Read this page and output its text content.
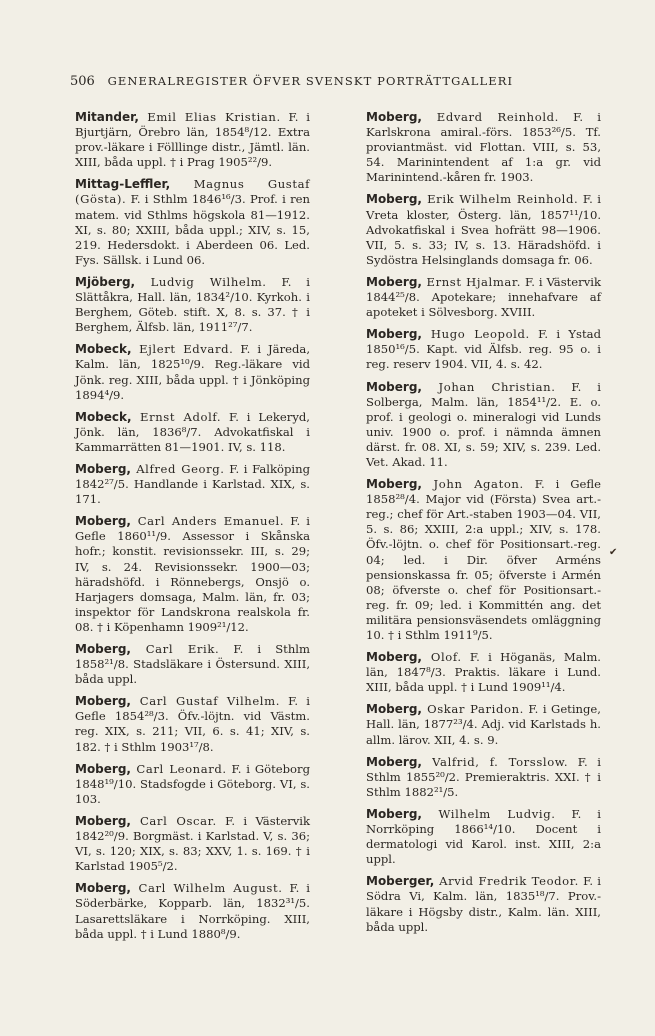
506 GENERALREGISTER ÖFVER SVENSKT PORTRÄTTGALLERI

Mitander, Emil Elias Kristian. F. i Bjurtjärn, Örebro län, 1854⁸/12. Extra prov.-läkare i Fölllinge distr., Jämtl. län. XIII, båda uppl. † i Prag 1905²²/9.

Mittag-Leffler, Magnus Gustaf (Gösta). F. i Sthlm 1846¹⁶/3. Prof. i ren matem. vid Sthlms högskola 81—1912. XI, s. 80; XXIII, båda uppl.; XIV, s. 15, 219. Hedersdokt. i Aberdeen 06. Led. Fys. Sällsk. i Lund 06.

Mjöberg, Ludvig Wilhelm. F. i Slättåkra, Hall. län, 1834²/10. Kyrkoh. i Berghem, Göteb. stift. X, 8. s. 37. † i Berghem, Älfsb. län, 1911²⁷/7.

Mobeck, Ejlert Edvard. F. i Järeda, Kalm. län, 1825¹⁰/9. Reg.-läkare vid Jönk. reg. XIII, båda uppl. † i Jönköping 1894⁴/9.

Mobeck, Ernst Adolf. F. i Lekeryd, Jönk. län, 1836⁸/7. Advokatfiskal i Kammarrätten 81—1901. IV, s. 118.

Moberg, Alfred Georg. F. i Falköping 1842²⁷/5. Handlande i Karlstad. XIX, s. 171.

Moberg, Carl Anders Emanuel. F. i Gefle 1860¹¹/9. Assessor i Skånska hofr.; konstit. revisionssekr. III, s. 29; IV, s. 24. Revisionssekr. 1900—03; häradshöfd. i Rönnebergs, Onsjö o. Harjagers domsaga, Malm. län, fr. 03; inspektor för Landskrona realskola fr. 08. † i Köpenhamn 1909²¹/12.

Moberg, Carl Erik. F. i Sthlm 1858²¹/8. Stadsläkare i Östersund. XIII, båda uppl.

Moberg, Carl Gustaf Vilhelm. F. i Gefle 1854²⁸/3. Öfv.-löjtn. vid Västm. reg. XIX, s. 211; VII, 6. s. 41; XIV, s. 182. † i Sthlm 1903¹⁷/8.

Moberg, Carl Leonard. F. i Göteborg 1848¹⁹/10. Stadsfogde i Göteborg. VI, s. 103.

Moberg, Carl Oscar. F. i Västervik 1842²⁰/9. Borgmäst. i Karlstad. V, s. 36; VI, s. 120; XIX, s. 83; XXV, 1. s. 169. † i Karlstad 1905⁵/2.

Moberg, Carl Wilhelm August. F. i Söderbärke, Kopparb. län, 1832³¹/5. Lasarettsläkare i Norrköping. XIII, båda uppl. † i Lund 1880⁸/9.

Moberg, Edvard Reinhold. F. i Karlskrona amiral.-förs. 1853²⁶/5. Tf. proviantmäst. vid Flottan. VIII, s. 53, 54. Marinintendent af 1:a gr. vid Marinintend.-kåren fr. 1903.

Moberg, Erik Wilhelm Reinhold. F. i Vreta kloster, Österg. län, 1857¹¹/10. Advokatfiskal i Svea hofrätt 98—1906. VII, 5. s. 33; IV, s. 13. Häradshöfd. i Sydöstra Helsinglands domsaga fr. 06.

Moberg, Ernst Hjalmar. F. i Västervik 1844²⁵/8. Apotekare; innehafvare af apoteket i Sölvesborg. XVIII.

Moberg, Hugo Leopold. F. i Ystad 1850¹⁶/5. Kapt. vid Älfsb. reg. 95 o. i reg. reserv 1904. VII, 4. s. 42.

Moberg, Johan Christian. F. i Solberga, Malm. län, 1854¹¹/2. E. o. prof. i geologi o. mineralogi vid Lunds univ. 1900 o. prof. i nämnda ämnen därst. fr. 08. XI, s. 59; XIV, s. 239. Led. Vet. Akad. 11.

Moberg, John Agaton. F. i Gefle 1858²⁸/4. Major vid (Första) Svea art.-reg.; chef för Art.-staben 1903—04. VII, 5. s. 86; XXIII, 2:a uppl.; XIV, s. 178. Öfv.-löjtn. o. chef för Positionsart.-reg. 04; led. i Dir. öfver Arméns pensionskassa fr. 05; öfverste i Armén 08; öfverste o. chef för Positionsart.-reg. fr. 09; led. i Kommittén ang. det militära pensionsväsendets omläggning 10. † i Sthlm 1911⁹/5.

Moberg, Olof. F. i Höganäs, Malm. län, 1847⁸/3. Praktis. läkare i Lund. XIII, båda uppl. † i Lund 1909¹¹/4.

Moberg, Oskar Paridon. F. i Getinge, Hall. län, 1877²³/4. Adj. vid Karlstads h. allm. lärov. XII, 4. s. 9.

Moberg, Valfrid, f. Torsslow. F. i Sthlm 1855²⁰/2. Premieraktris. XXI. † i Sthlm 1882²¹/5.

Moberg, Wilhelm Ludvig. F. i Norrköping 1866¹⁴/10. Docent i dermatologi vid Karol. inst. XIII, 2:a uppl.

Moberger, Arvid Fredrik Teodor. F. i Södra Vi, Kalm. län, 1835¹⁸/7. Prov.-läkare i Högsby distr., Kalm. län. XIII, båda uppl.

✔
